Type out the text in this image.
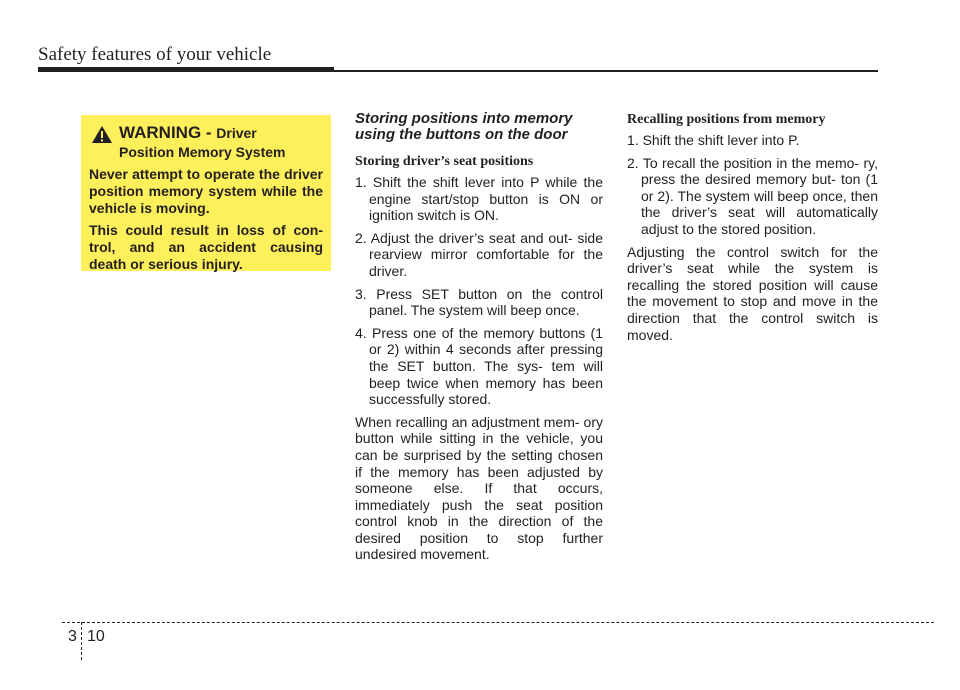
Safety features of your vehicle
WARNING - Driver
Position Memory System
Never attempt to operate the driver position memory system while the vehicle is moving.
This could result in loss of con- trol, and an accident causing death or serious injury.
Storing positions into memory
using the buttons on the door
Storing driver’s seat positions
1. Shift the shift lever into P while the engine start/stop button is ON or ignition switch is ON.
2. Adjust the driver’s seat and out- side rearview mirror comfortable for the driver.
3. Press SET button on the control panel. The system will beep once.
4. Press one of the memory buttons (1 or 2) within 4 seconds after pressing the SET button. The sys- tem will beep twice when memory has been successfully stored.
When recalling an adjustment mem- ory button while sitting in the vehicle, you can be surprised by the setting chosen if the memory has been adjusted by someone else. If that occurs, immediately push the seat position control knob in the direction of the desired position to stop further undesired movement.
Recalling positions from memory
1. Shift the shift lever into P.
2. To recall the position in the memo- ry, press the desired memory but- ton (1 or 2). The system will beep once, then the driver’s seat will automatically adjust to the stored position.
Adjusting the control switch for the driver’s seat while the system is recalling the stored position will cause the movement to stop and move in the direction that the control switch is moved.
3 10
